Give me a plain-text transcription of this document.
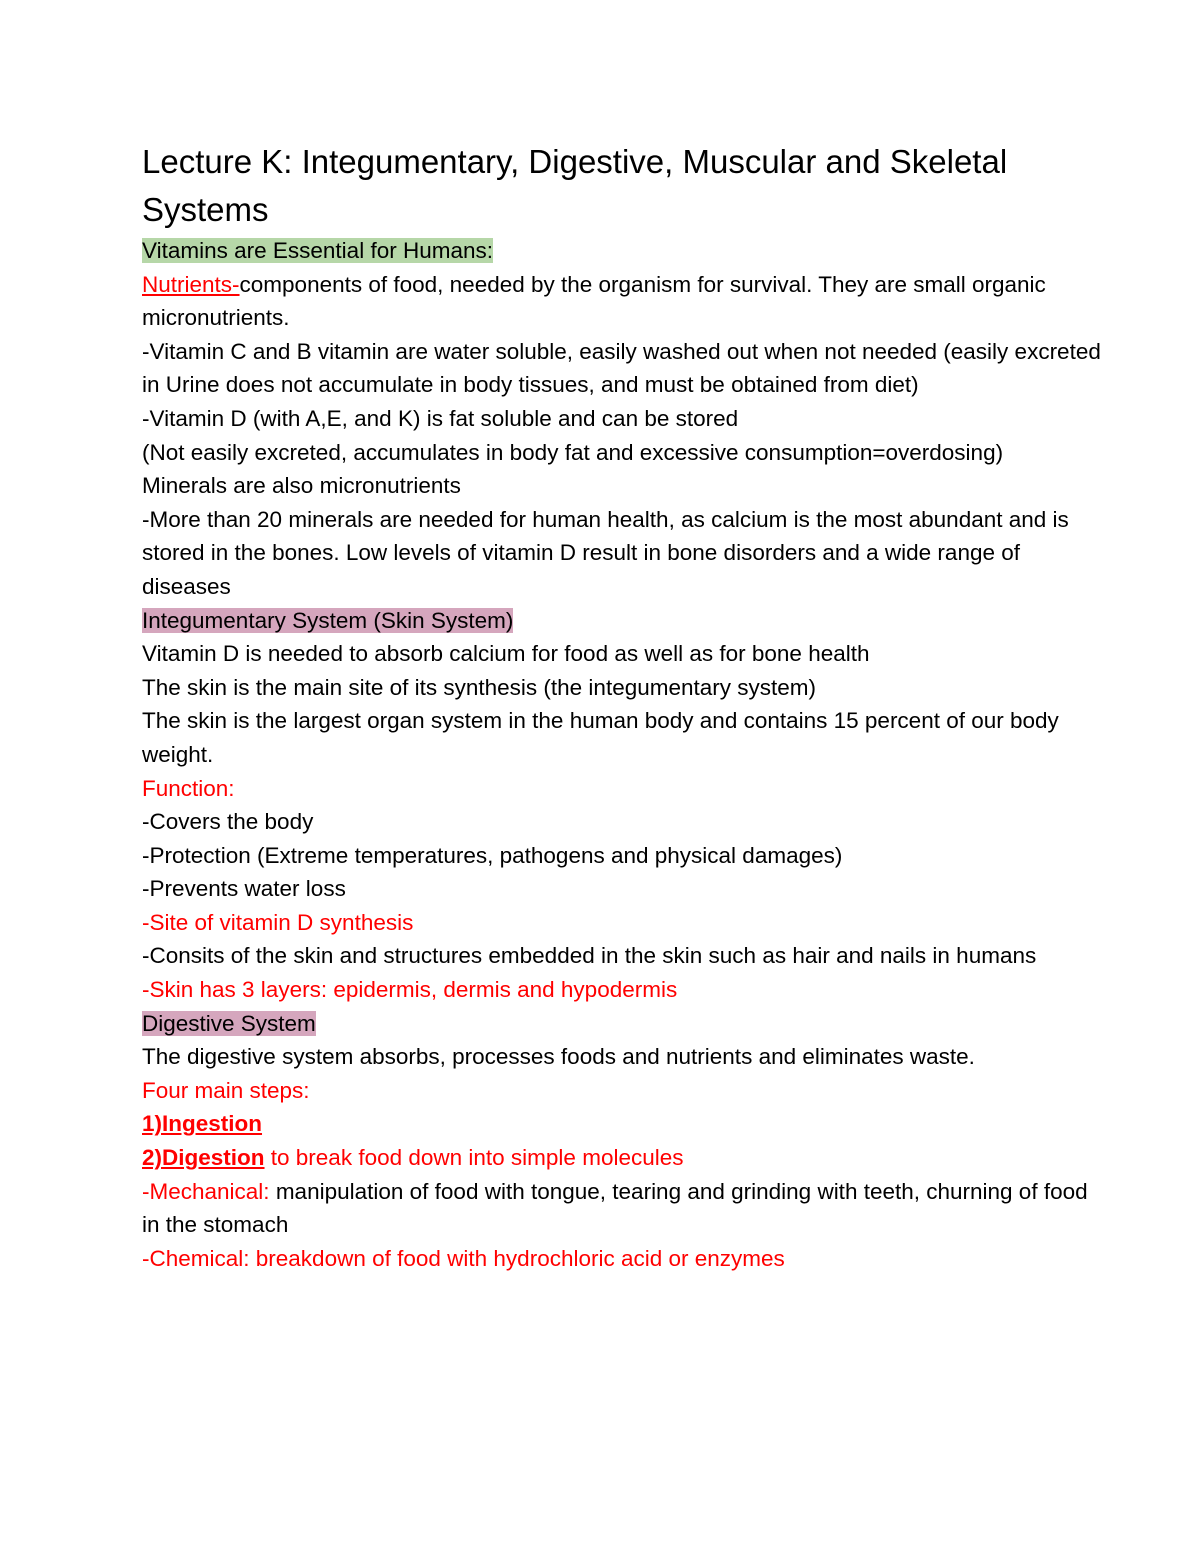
Lecture K: Integumentary, Digestive, Muscular and Skeletal Systems

Vitamins are Essential for Humans:

Nutrients-components of food, needed by the organism for survival. They are small organic micronutrients.

-Vitamin C and B vitamin are water soluble, easily washed out when not needed (easily excreted in Urine does not accumulate in body tissues, and must be obtained from diet)

-Vitamin D (with A,E, and K) is fat soluble and can be stored

(Not easily excreted, accumulates in body fat and excessive consumption=overdosing)

Minerals are also micronutrients

-More than 20 minerals are needed for human health, as calcium is the most abundant and is stored in the bones. Low levels of vitamin D result in bone disorders and a wide range of diseases

Integumentary System (Skin System)

Vitamin D is needed to absorb calcium for food as well as for bone health

The skin is the main site of its synthesis (the integumentary system)

The skin is the largest organ system in the human body and contains 15 percent of our body weight.

Function:

-Covers the body

-Protection (Extreme temperatures, pathogens and physical damages)

-Prevents water loss

-Site of vitamin D synthesis

-Consits of the skin and structures embedded in the skin such as hair and nails in humans

-Skin has 3 layers: epidermis, dermis and hypodermis

Digestive System

The digestive system absorbs, processes foods and nutrients and eliminates waste.

Four main steps:

1)Ingestion

2)Digestion to break food down into simple molecules

-Mechanical: manipulation of food with tongue, tearing and grinding with teeth, churning of food in the stomach

-Chemical: breakdown of food with hydrochloric acid or enzymes
